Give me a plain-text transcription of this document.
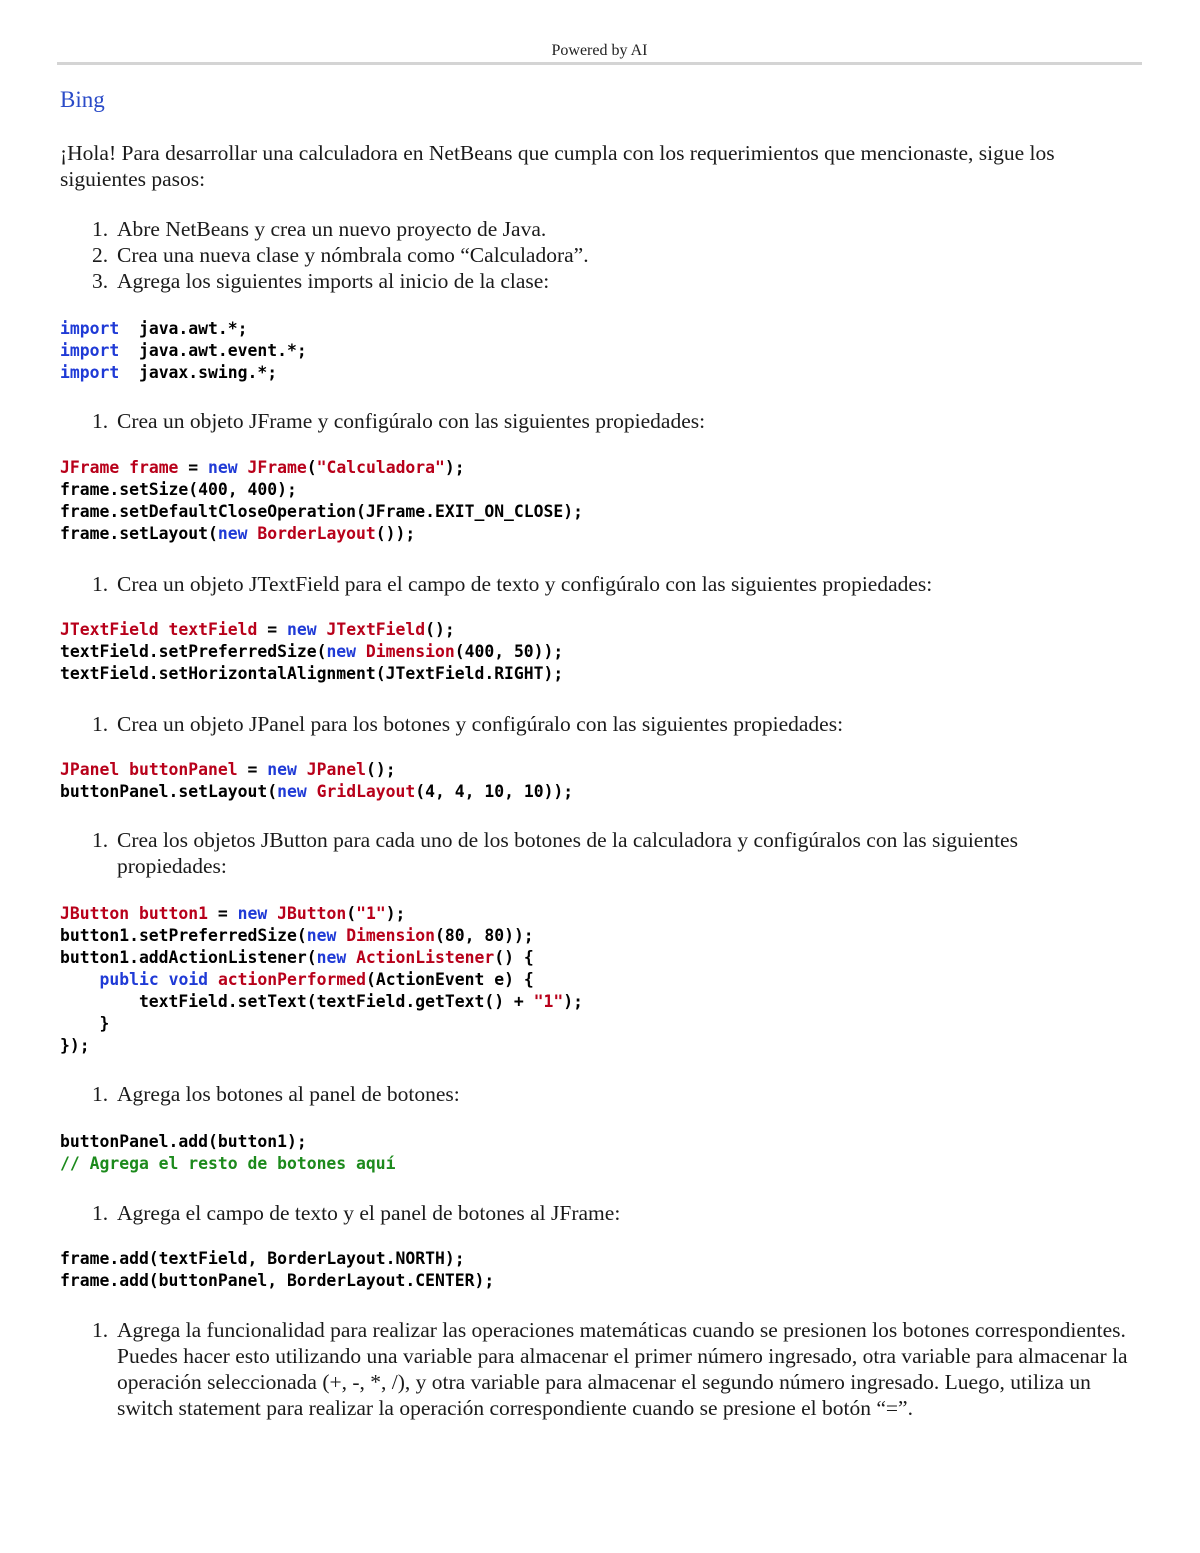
Powered by AI
Bing
¡Hola! Para desarrollar una calculadora en NetBeans que cumpla con los requerimientos que mencionaste, sigue los siguientes pasos:
1. Abre NetBeans y crea un nuevo proyecto de Java.
2. Crea una nueva clase y nómbrala como “Calculadora”.
3. Agrega los siguientes imports al inicio de la clase:
import  java.awt.*;
import  java.awt.event.*;
import  javax.swing.*;
1. Crea un objeto JFrame y configúralo con las siguientes propiedades:
JFrame frame = new JFrame("Calculadora");
frame.setSize(400, 400);
frame.setDefaultCloseOperation(JFrame.EXIT_ON_CLOSE);
frame.setLayout(new BorderLayout());
1. Crea un objeto JTextField para el campo de texto y configúralo con las siguientes propiedades:
JTextField textField = new JTextField();
textField.setPreferredSize(new Dimension(400, 50));
textField.setHorizontalAlignment(JTextField.RIGHT);
1. Crea un objeto JPanel para los botones y configúralo con las siguientes propiedades:
JPanel buttonPanel = new JPanel();
buttonPanel.setLayout(new GridLayout(4, 4, 10, 10));
1. Crea los objetos JButton para cada uno de los botones de la calculadora y configúralos con las siguientes propiedades:
JButton button1 = new JButton("1");
button1.setPreferredSize(new Dimension(80, 80));
button1.addActionListener(new ActionListener() {
public void actionPerformed(ActionEvent e) {
textField.setText(textField.getText() + "1");
}
});
1. Agrega los botones al panel de botones:
buttonPanel.add(button1);
// Agrega el resto de botones aquí
1. Agrega el campo de texto y el panel de botones al JFrame:
frame.add(textField, BorderLayout.NORTH);
frame.add(buttonPanel, BorderLayout.CENTER);
1. Agrega la funcionalidad para realizar las operaciones matemáticas cuando se presionen los botones correspondientes. Puedes hacer esto utilizando una variable para almacenar el primer número ingresado, otra variable para almacenar la operación seleccionada (+, -, *, /), y otra variable para almacenar el segundo número ingresado. Luego, utiliza un switch statement para realizar la operación correspondiente cuando se presione el botón “=”.
